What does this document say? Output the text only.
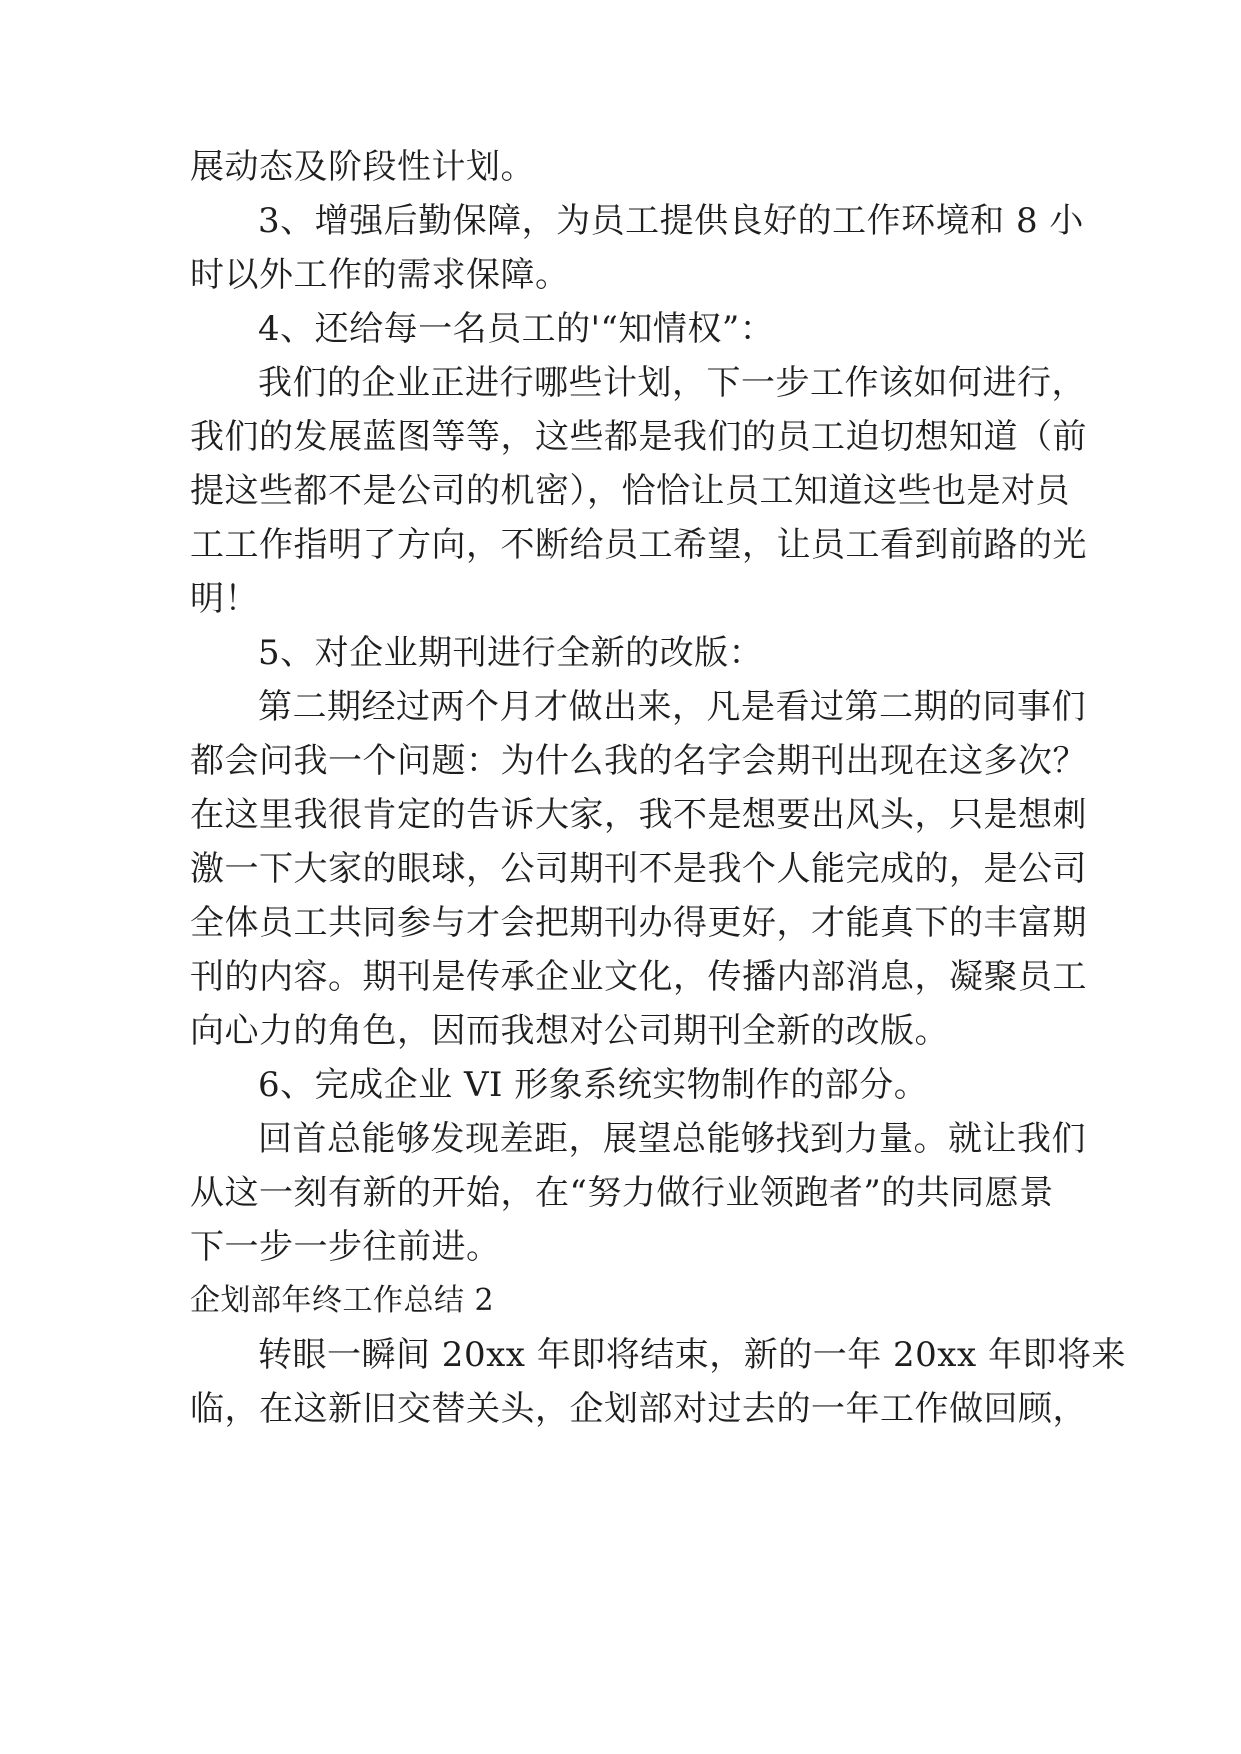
展动态及阶段性计划。
3、增强后勤保障，为员工提供良好的工作环境和 8 小
时以外工作的需求保障。
4、还给每一名员工的'“知情权”：
我们的企业正进行哪些计划，下一步工作该如何进行，
我们的发展蓝图等等，这些都是我们的员工迫切想知道（前
提这些都不是公司的机密），恰恰让员工知道这些也是对员
工工作指明了方向，不断给员工希望，让员工看到前路的光
明！
5、对企业期刊进行全新的改版：
第二期经过两个月才做出来，凡是看过第二期的同事们
都会问我一个问题：为什么我的名字会期刊出现在这多次？
在这里我很肯定的告诉大家，我不是想要出风头，只是想刺
激一下大家的眼球，公司期刊不是我个人能完成的，是公司
全体员工共同参与才会把期刊办得更好，才能真下的丰富期
刊的内容。期刊是传承企业文化，传播内部消息，凝聚员工
向心力的角色，因而我想对公司期刊全新的改版。
6、完成企业 VI 形象系统实物制作的部分。
回首总能够发现差距，展望总能够找到力量。就让我们
从这一刻有新的开始，在“努力做行业领跑者”的共同愿景
下一步一步往前进。
企划部年终工作总结 2
转眼一瞬间 20xx 年即将结束，新的一年 20xx 年即将来
临，在这新旧交替关头，企划部对过去的一年工作做回顾，
